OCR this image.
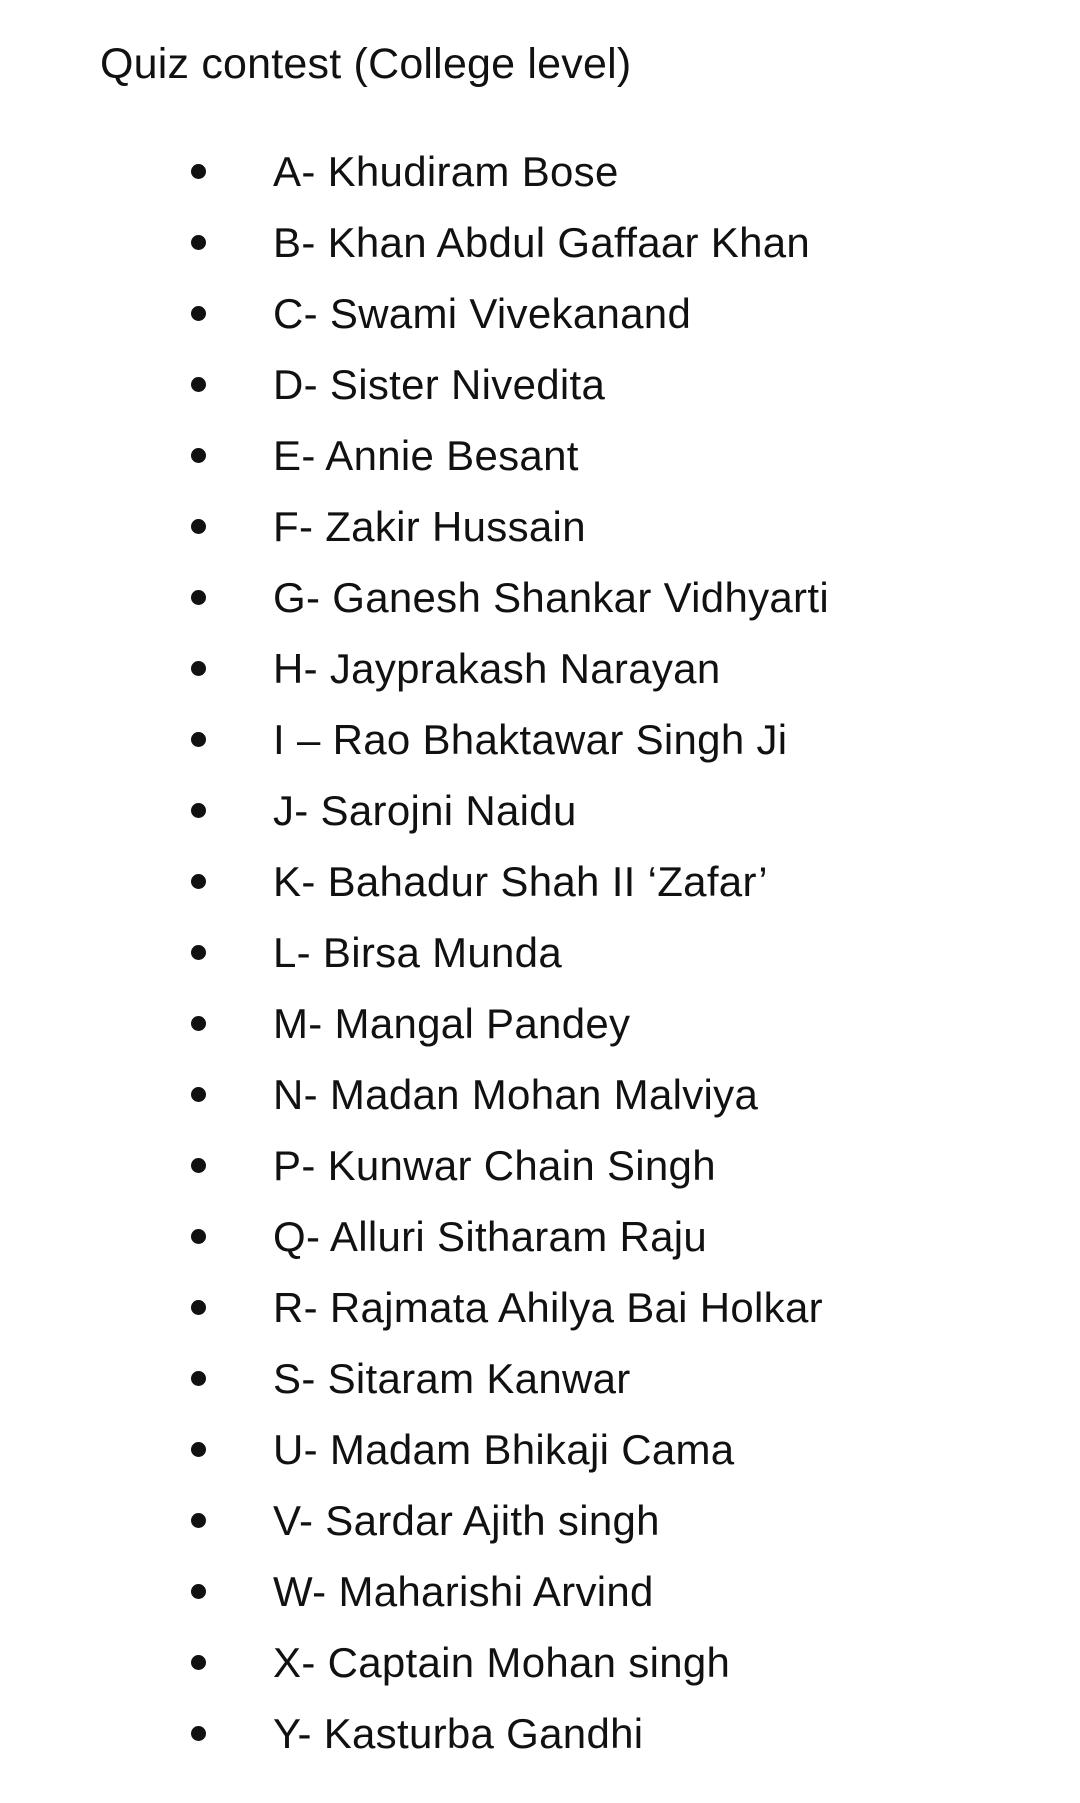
Quiz contest (College level)
A- Khudiram Bose
B- Khan Abdul Gaffaar Khan
C- Swami Vivekanand
D- Sister Nivedita
E- Annie Besant
F- Zakir Hussain
G- Ganesh Shankar Vidhyarti
H- Jayprakash Narayan
I – Rao Bhaktawar Singh Ji
J- Sarojni Naidu
K- Bahadur Shah II ‘Zafar’
L- Birsa Munda
M- Mangal Pandey
N- Madan Mohan Malviya
P- Kunwar Chain Singh
Q- Alluri Sitharam Raju
R- Rajmata Ahilya Bai Holkar
S- Sitaram Kanwar
U- Madam Bhikaji Cama
V- Sardar Ajith singh
W- Maharishi Arvind
X- Captain Mohan singh
Y- Kasturba Gandhi
